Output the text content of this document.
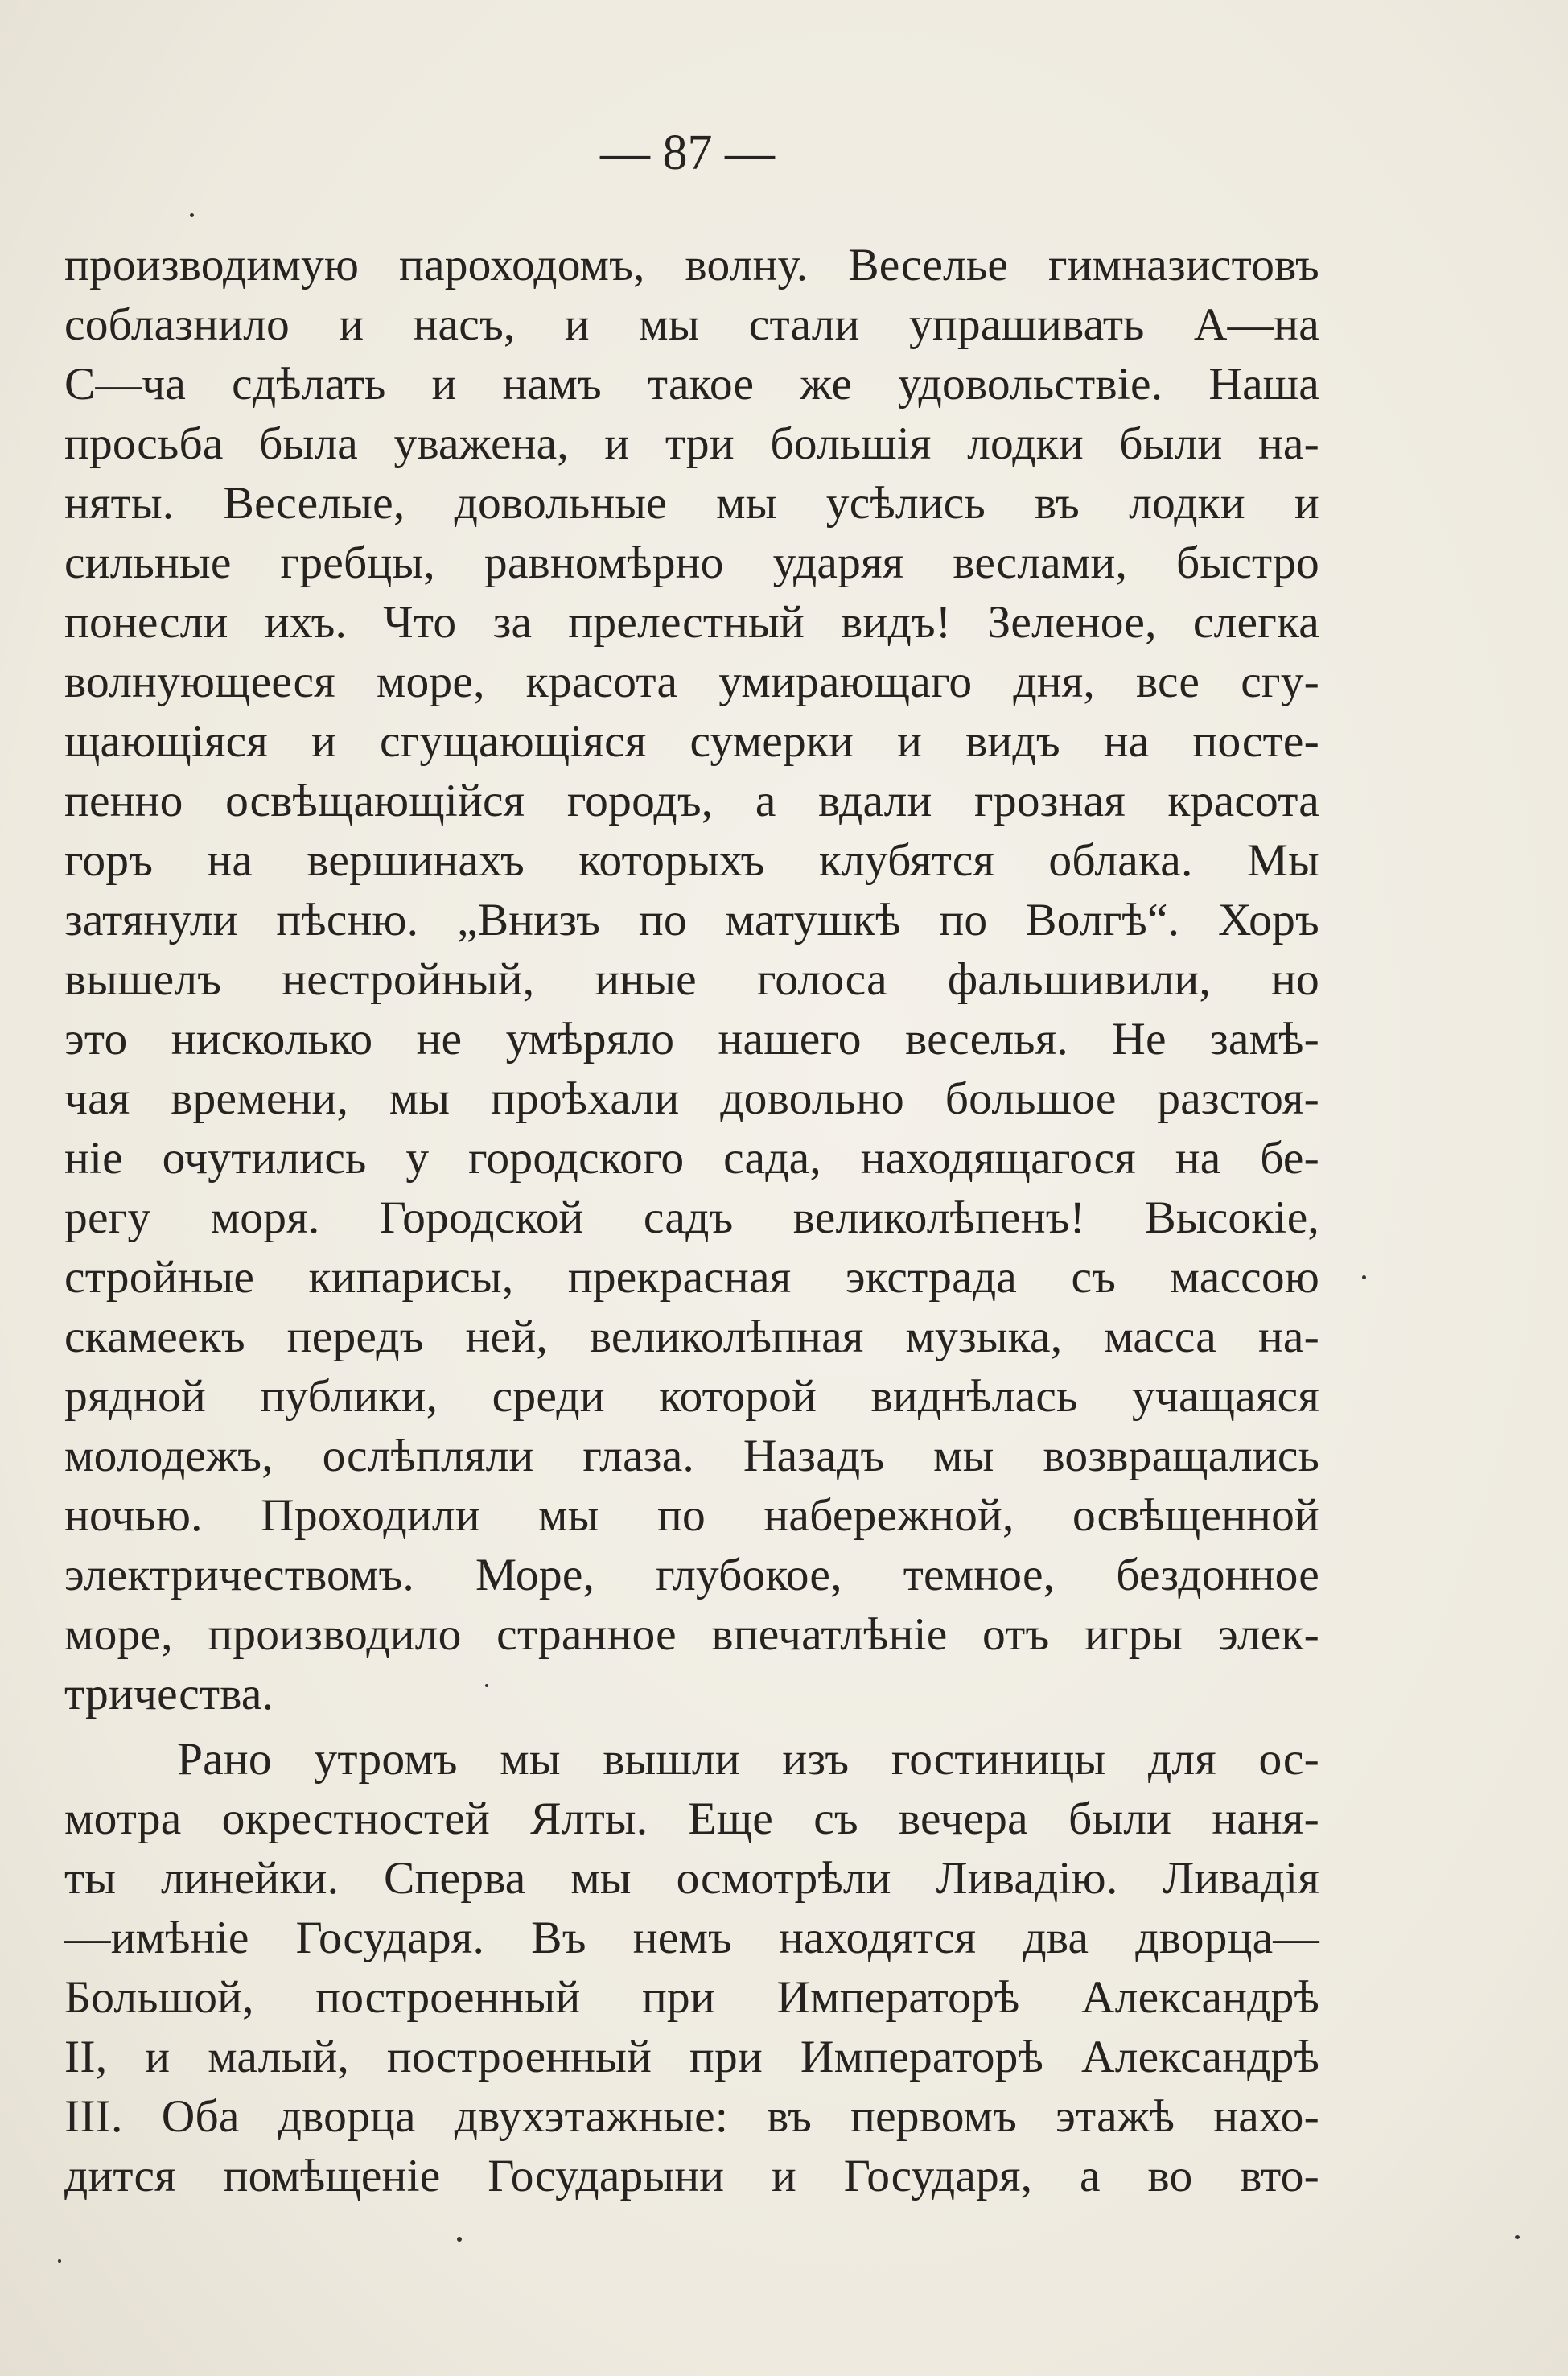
— 87 —
производимую пароходомъ, волну. Веселье гимназистовъ
соблазнило и насъ, и мы стали упрашивать А—на
С—ча сдѣлать и намъ такое же удовольствіе. Наша
просьба была уважена, и три большія лодки были на-
няты. Веселые, довольные мы усѣлись въ лодки и
сильные гребцы, равномѣрно ударяя веслами, быстро
понесли ихъ. Что за прелестный видъ! Зеленое, слегка
волнующееся море, красота умирающаго дня, все сгу-
щающіяся и сгущающіяся сумерки и видъ на посте-
пенно освѣщающійся городъ, а вдали грозная красота
горъ на вершинахъ которыхъ клубятся облака. Мы
затянули пѣсню. „Внизъ по матушкѣ по Волгѣ“. Хоръ
вышелъ нестройный, иные голоса фальшивили, но
это нисколько не умѣряло нашего веселья. Не замѣ-
чая времени, мы проѣхали довольно большое разстоя-
ніе очутились у городского сада, находящагося на бе-
регу моря. Городской садъ великолѣпенъ! Высокіе,
стройные кипарисы, прекрасная экстрада съ массою
скамеекъ передъ ней, великолѣпная музыка, масса на-
рядной публики, среди которой виднѣлась учащаяся
молодежъ, ослѣпляли глаза. Назадъ мы возвращались
ночью. Проходили мы по набережной, освѣщенной
электричествомъ. Море, глубокое, темное, бездонное
море, производило странное впечатлѣніе отъ игры элек-
тричества.
Рано утромъ мы вышли изъ гостиницы для ос-
мотра окрестностей Ялты. Еще съ вечера были наня-
ты линейки. Сперва мы осмотрѣли Ливадію. Ливадія
—имѣніе Государя. Въ немъ находятся два дворца—
Большой, построенный при Императорѣ Александрѣ
II, и малый, построенный при Императорѣ Александрѣ
III. Оба дворца двухэтажные: въ первомъ этажѣ нахо-
дится помѣщеніе Государыни и Государя, а во вто-
